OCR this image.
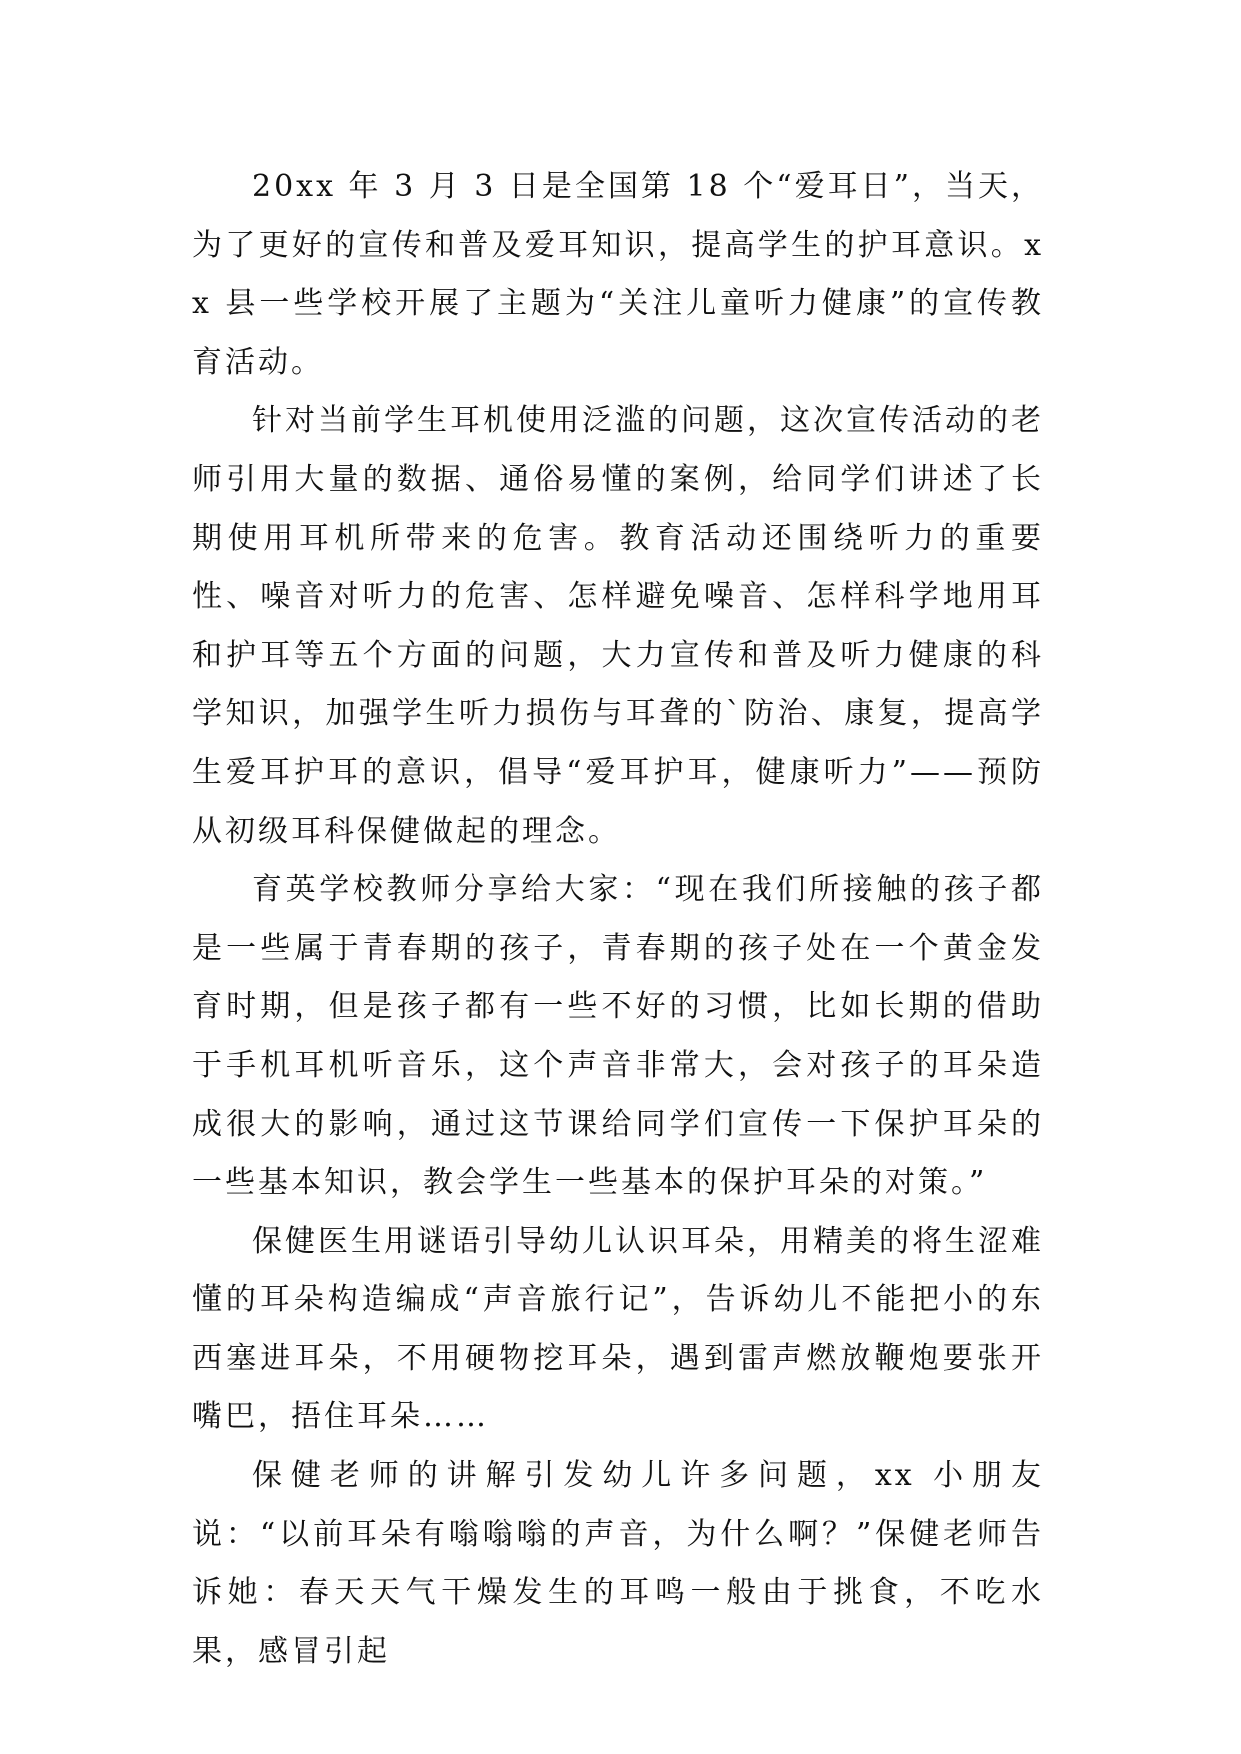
20xx 年 3 月 3 日是全国第 18 个“爱耳日”，当天，为了更好的宣传和普及爱耳知识，提高学生的护耳意识。xx 县一些学校开展了主题为“关注儿童听力健康”的宣传教育活动。

针对当前学生耳机使用泛滥的问题，这次宣传活动的老师引用大量的数据、通俗易懂的案例，给同学们讲述了长期使用耳机所带来的危害。教育活动还围绕听力的重要性、噪音对听力的危害、怎样避免噪音、怎样科学地用耳和护耳等五个方面的问题，大力宣传和普及听力健康的科学知识，加强学生听力损伤与耳聋的`防治、康复，提高学生爱耳护耳的意识，倡导“爱耳护耳，健康听力”——预防从初级耳科保健做起的理念。

育英学校教师分享给大家：“现在我们所接触的孩子都是一些属于青春期的孩子，青春期的孩子处在一个黄金发育时期，但是孩子都有一些不好的习惯，比如长期的借助于手机耳机听音乐，这个声音非常大，会对孩子的耳朵造成很大的影响，通过这节课给同学们宣传一下保护耳朵的一些基本知识，教会学生一些基本的保护耳朵的对策。”

保健医生用谜语引导幼儿认识耳朵，用精美的将生涩难懂的耳朵构造编成“声音旅行记”，告诉幼儿不能把小的东西塞进耳朵，不用硬物挖耳朵，遇到雷声燃放鞭炮要张开嘴巴，捂住耳朵……

保健老师的讲解引发幼儿许多问题，xx 小朋友说：“以前耳朵有嗡嗡嗡的声音，为什么啊？”保健老师告诉她：春天天气干燥发生的耳鸣一般由于挑食，不吃水果，感冒引起
